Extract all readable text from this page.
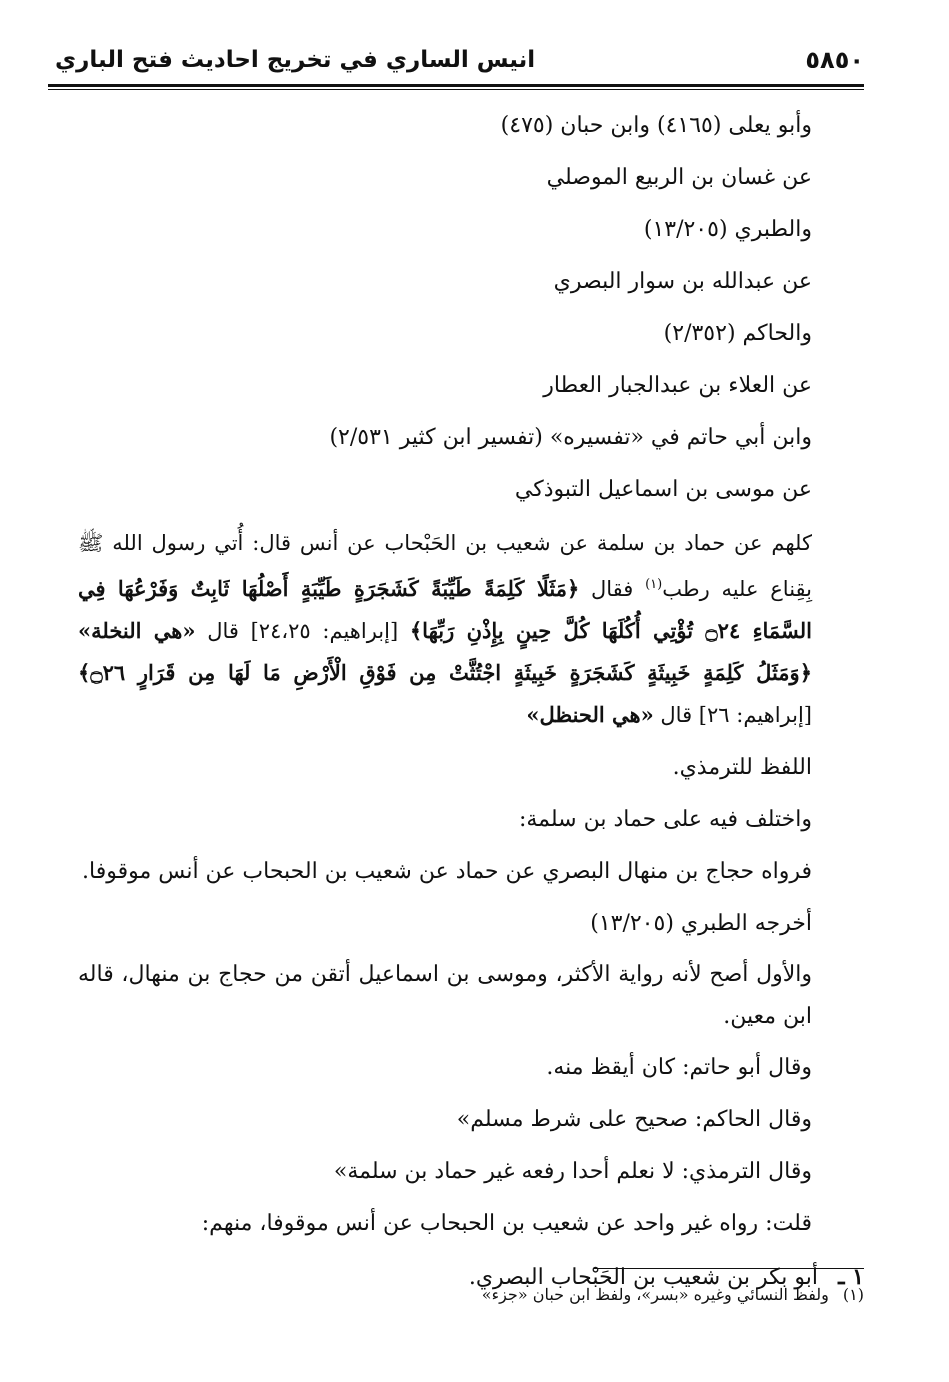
٥٨٥٠
انيس الساري في تخريج احاديث فتح الباري

وأبو يعلى (٤١٦٥) وابن حبان (٤٧٥)

عن غسان بن الربيع الموصلي

والطبري (١٣/٢٠٥)

عن عبدالله بن سوار البصري

والحاكم (٢/٣٥٢)

عن العلاء بن عبدالجبار العطار

وابن أبي حاتم في «تفسيره» (تفسير ابن كثير ٢/٥٣١)

عن موسى بن اسماعيل التبوذكي

كلهم عن حماد بن سلمة عن شعيب بن الحَبْحاب عن أنس قال: أُتي رسول الله ﷺ بِقِناع عليه رطب$^{(١)}$ فقال ﴿مَثَلًا كَلِمَةً طَيِّبَةً كَشَجَرَةٍ طَيِّبَةٍ أَصْلُهَا ثَابِتٌ وَفَرْعُهَا فِي السَّمَاءِ ۝٢٤ تُؤْتِي أُكُلَهَا كُلَّ حِينٍ بِإِذْنِ رَبِّهَا﴾ [إبراهيم: ٢٤،٢٥] قال «هي النخلة» ﴿وَمَثَلُ كَلِمَةٍ خَبِيثَةٍ كَشَجَرَةٍ خَبِيثَةٍ اجْتُثَّتْ مِن فَوْقِ الْأَرْضِ مَا لَهَا مِن قَرَارٍ ۝٢٦﴾ [إبراهيم: ٢٦] قال «هي الحنظل»

اللفظ للترمذي.

واختلف فيه على حماد بن سلمة:

فرواه حجاج بن منهال البصري عن حماد عن شعيب بن الحبحاب عن أنس موقوفا.

أخرجه الطبري (١٣/٢٠٥)

والأول أصح لأنه رواية الأكثر، وموسى بن اسماعيل أتقن من حجاج بن منهال، قاله ابن معين.

وقال أبو حاتم: كان أيقظ منه.

وقال الحاكم: صحيح على شرط مسلم»

وقال الترمذي: لا نعلم أحدا رفعه غير حماد بن سلمة»

قلت: رواه غير واحد عن شعيب بن الحبحاب عن أنس موقوفا، منهم:

١ ـأبو بكر بن شعيب بن الحَبْحاب البصري.

(١)ولفظ النسائي وغيره «بسر»، ولفظ ابن حبان «جزء»
